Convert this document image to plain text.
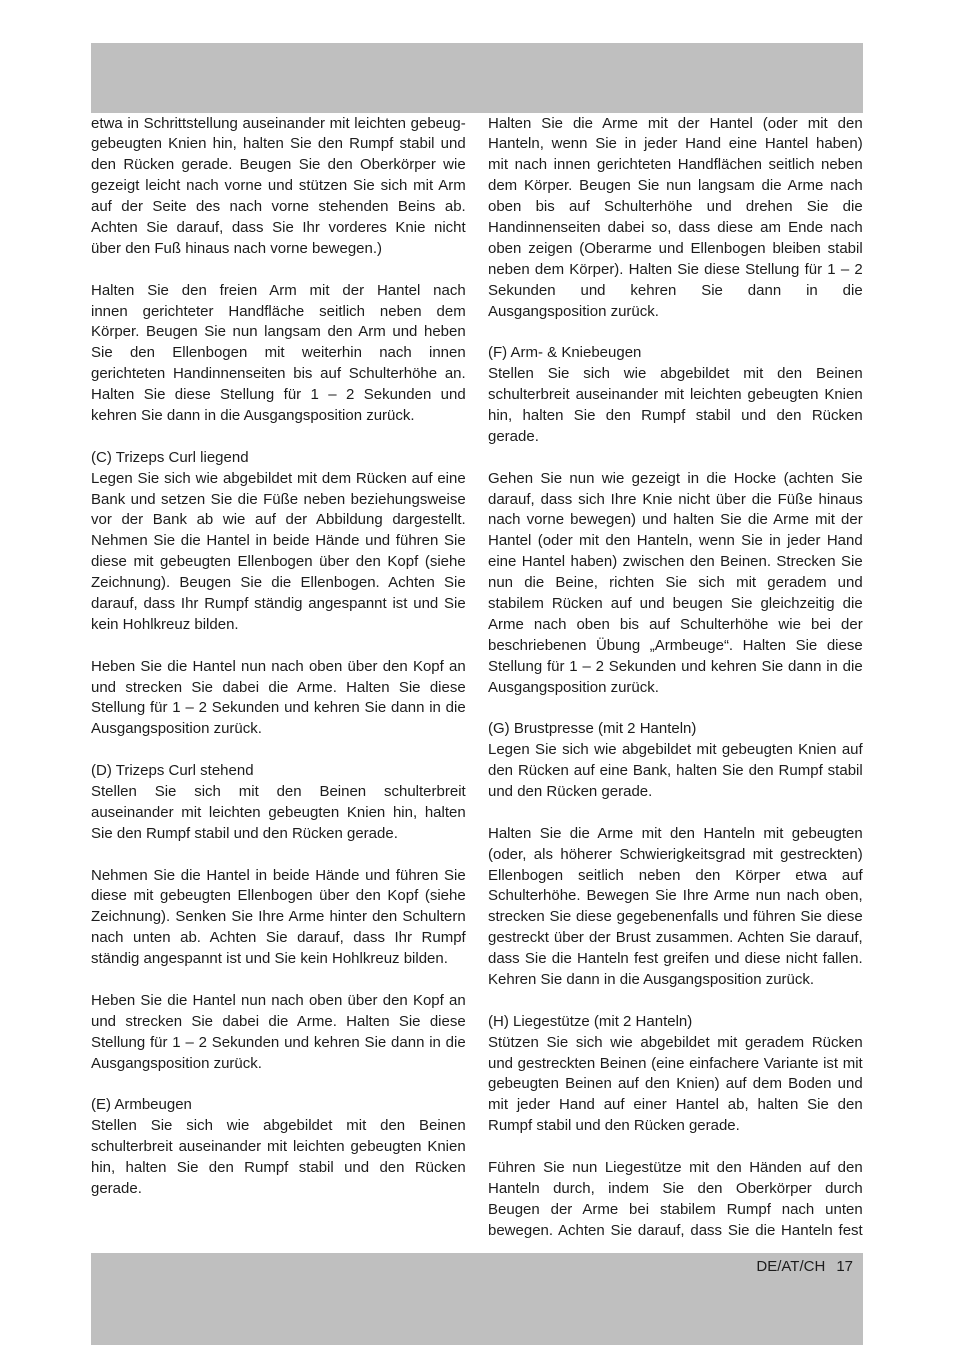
etwa in Schrittstellung auseinander mit leichten gebeug-
gebeugten Knien hin, halten Sie den Rumpf stabil und
den Rücken gerade. Beugen Sie den Oberkörper wie
gezeigt leicht nach vorne und stützen Sie sich mit Arm
auf der Seite des nach vorne stehenden Beins ab.
Achten Sie darauf, dass Sie Ihr vorderes Knie nicht
über den Fuß hinaus nach vorne bewegen.)
Halten Sie den freien Arm mit der Hantel nach
innen gerichteter Handfläche seitlich neben dem
Körper. Beugen Sie nun langsam den Arm und heben
Sie den Ellenbogen mit weiterhin nach innen
gerichteten Handinnenseiten bis auf Schulterhöhe an.
Halten Sie diese Stellung für 1 – 2 Sekunden und
kehren Sie dann in die Ausgangsposition zurück.
(C) Trizeps Curl liegend
Legen Sie sich wie abgebildet mit dem Rücken auf eine
Bank und setzen Sie die Füße neben beziehungsweise
vor der Bank ab wie auf der Abbildung dargestellt.
Nehmen Sie die Hantel in beide Hände und führen Sie
diese mit gebeugten Ellenbogen über den Kopf (siehe
Zeichnung). Beugen Sie die Ellenbogen. Achten Sie
darauf, dass Ihr Rumpf ständig angespannt ist und Sie
kein Hohlkreuz bilden.
Heben Sie die Hantel nun nach oben über den Kopf an
und strecken Sie dabei die Arme. Halten Sie diese
Stellung für 1 – 2 Sekunden und kehren Sie dann in die
Ausgangsposition zurück.
(D) Trizeps Curl stehend
Stellen Sie sich mit den Beinen schulterbreit
auseinander mit leichten gebeugten Knien hin, halten
Sie den Rumpf stabil und den Rücken gerade.
Nehmen Sie die Hantel in beide Hände und führen Sie
diese mit gebeugten Ellenbogen über den Kopf (siehe
Zeichnung). Senken Sie Ihre Arme hinter den Schultern
nach unten ab. Achten Sie darauf, dass Ihr Rumpf
ständig angespannt ist und Sie kein Hohlkreuz bilden.
Heben Sie die Hantel nun nach oben über den Kopf an
und strecken Sie dabei die Arme. Halten Sie diese
Stellung für 1 – 2 Sekunden und kehren Sie dann in die
Ausgangsposition zurück.
(E) Armbeugen
Stellen Sie sich wie abgebildet mit den Beinen
schulterbreit auseinander mit leichten gebeugten Knien
hin, halten Sie den Rumpf stabil und den Rücken
gerade.
Halten Sie die Arme mit der Hantel (oder mit den
Hanteln, wenn Sie in jeder Hand eine Hantel haben)
mit nach innen gerichteten Handflächen seitlich neben
dem Körper. Beugen Sie nun langsam die Arme nach
oben bis auf Schulterhöhe und drehen Sie die
Handinnenseiten dabei so, dass diese am Ende nach
oben zeigen (Oberarme und Ellenbogen bleiben stabil
neben dem Körper). Halten Sie diese Stellung für 1 – 2
Sekunden und kehren Sie dann in die
Ausgangsposition zurück.
(F) Arm- & Kniebeugen
Stellen Sie sich wie abgebildet mit den Beinen
schulterbreit auseinander mit leichten gebeugten Knien
hin, halten Sie den Rumpf stabil und den Rücken
gerade.
Gehen Sie nun wie gezeigt in die Hocke (achten Sie
darauf, dass sich Ihre Knie nicht über die Füße hinaus
nach vorne bewegen) und halten Sie die Arme mit der
Hantel (oder mit den Hanteln, wenn Sie in jeder Hand
eine Hantel haben) zwischen den Beinen. Strecken Sie
nun die Beine, richten Sie sich mit geradem und
stabilem Rücken auf und beugen Sie gleichzeitig die
Arme nach oben bis auf Schulterhöhe wie bei der
beschriebenen Übung „Armbeuge“. Halten Sie diese
Stellung für 1 – 2 Sekunden und kehren Sie dann in die
Ausgangsposition zurück.
(G) Brustpresse (mit 2 Hanteln)
Legen Sie sich wie abgebildet mit gebeugten Knien auf
den Rücken auf eine Bank, halten Sie den Rumpf stabil
und den Rücken gerade.
Halten Sie die Arme mit den Hanteln mit gebeugten
(oder, als höherer Schwierigkeitsgrad mit gestreckten)
Ellenbogen seitlich neben den Körper etwa auf
Schulterhöhe. Bewegen Sie Ihre Arme nun nach oben,
strecken Sie diese gegebenenfalls und führen Sie diese
gestreckt über der Brust zusammen. Achten Sie darauf,
dass Sie die Hanteln fest greifen und diese nicht fallen.
Kehren Sie dann in die Ausgangsposition zurück.
(H) Liegestütze (mit 2 Hanteln)
Stützen Sie sich wie abgebildet mit geradem Rücken
und gestreckten Beinen (eine einfachere Variante ist mit
gebeugten Beinen auf den Knien) auf dem Boden und
mit jeder Hand auf einer Hantel ab, halten Sie den
Rumpf stabil und den Rücken gerade.
Führen Sie nun Liegestütze mit den Händen auf den
Hanteln durch, indem Sie den Oberkörper durch
Beugen der Arme bei stabilem Rumpf nach unten
bewegen. Achten Sie darauf, dass Sie die Hanteln fest
DE/AT/CH 17
